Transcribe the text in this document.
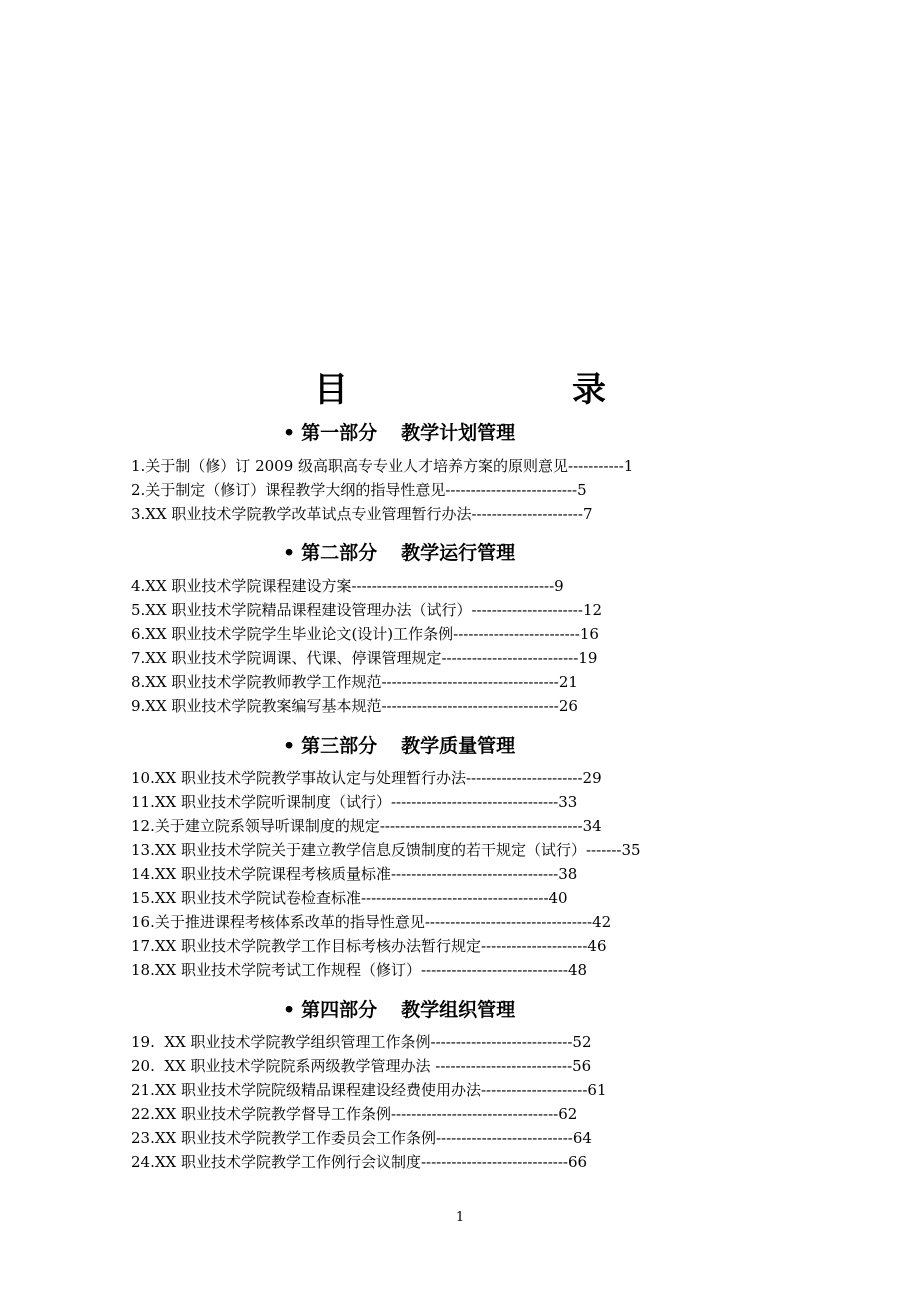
目　　录
• 第一部分 教学计划管理
1.关于制（修）订 2009 级高职高专专业人才培养方案的原则意见-----------1
2.关于制定（修订）课程教学大纲的指导性意见--------------------------5
3.XX 职业技术学院教学改革试点专业管理暂行办法----------------------7
• 第二部分 教学运行管理
4.XX 职业技术学院课程建设方案----------------------------------------9
5.XX 职业技术学院精品课程建设管理办法（试行）----------------------12
6.XX 职业技术学院学生毕业论文(设计)工作条例-------------------------16
7.XX 职业技术学院调课、代课、停课管理规定---------------------------19
8.XX 职业技术学院教师教学工作规范-----------------------------------21
9.XX 职业技术学院教案编写基本规范-----------------------------------26
• 第三部分 教学质量管理
10.XX 职业技术学院教学事故认定与处理暂行办法-----------------------29
11.XX 职业技术学院听课制度（试行）---------------------------------33
12.关于建立院系领导听课制度的规定----------------------------------------34
13.XX 职业技术学院关于建立教学信息反馈制度的若干规定（试行）-------35
14.XX 职业技术学院课程考核质量标准---------------------------------38
15.XX 职业技术学院试卷检查标准-------------------------------------40
16.关于推进课程考核体系改革的指导性意见---------------------------------42
17.XX 职业技术学院教学工作目标考核办法暂行规定---------------------46
18.XX 职业技术学院考试工作规程（修订）-----------------------------48
• 第四部分 教学组织管理
19.  XX 职业技术学院教学组织管理工作条例----------------------------52
20.  XX 职业技术学院院系两级教学管理办法 ---------------------------56
21.XX 职业技术学院院级精品课程建设经费使用办法---------------------61
22.XX 职业技术学院教学督导工作条例---------------------------------62
23.XX 职业技术学院教学工作委员会工作条例---------------------------64
24.XX 职业技术学院教学工作例行会议制度-----------------------------66
1
